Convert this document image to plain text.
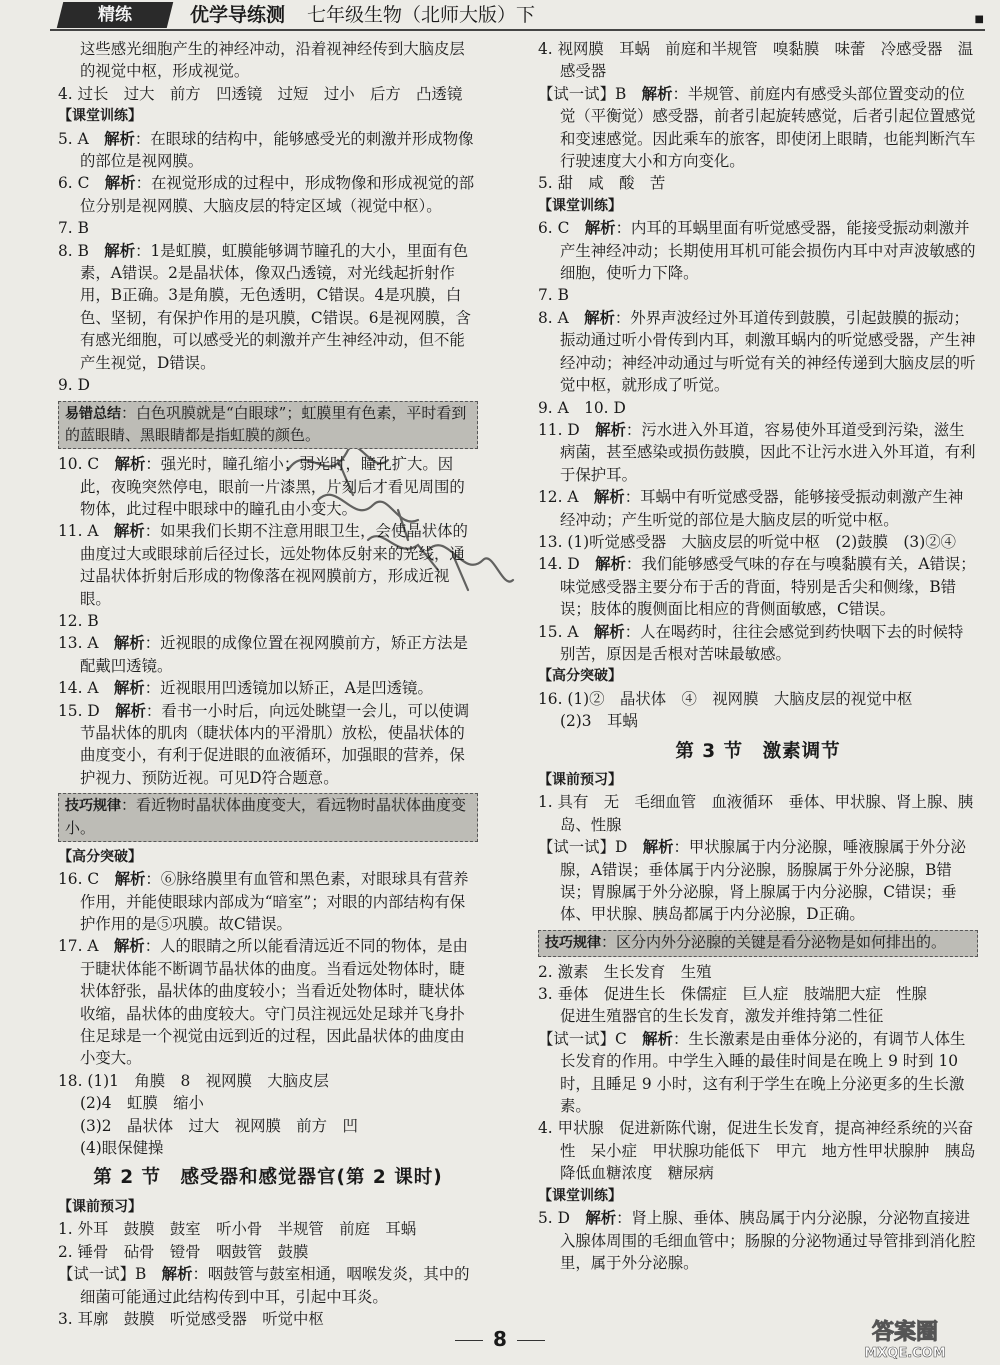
精练	优学导练测 七年级生物（北师大版）下	■
这些感光细胞产生的神经冲动，沿着视神经传到大脑皮层的视觉中枢，形成视觉。
4. 过长　过大　前方　凹透镜　过短　过小　后方　凸透镜
【课堂训练】
5. A　 解析：在眼球的结构中，能够感受光的刺激并形成物像的部位是视网膜。
6. C　 解析：在视觉形成的过程中，形成物像和形成视觉的部位分别是视网膜、大脑皮层的特定区域（视觉中枢）。
7. B
8. B　 解析：1是虹膜，虹膜能够调节瞳孔的大小，里面有色素，A错误。2是晶状体，像双凸透镜，对光线起折射作用，B正确。3是角膜，无色透明，C错误。4是巩膜，白色、坚韧，有保护作用的是巩膜，C错误。6是视网膜，含有感光细胞，可以感受光的刺激并产生神经冲动，但不能产生视觉，D错误。
9. D
易错总结：白色巩膜就是“白眼球”；虹膜里有色素，平时看到的蓝眼睛、黑眼睛都是指虹膜的颜色。
10. C　 解析：强光时，瞳孔缩小；弱光时，瞳孔扩大。因此，夜晚突然停电，眼前一片漆黑，片刻后才看见周围的物体，此过程中眼球中的瞳孔由小变大。
11. A　 解析：如果我们长期不注意用眼卫生，会使晶状体的曲度过大或眼球前后径过长，远处物体反射来的光线，通过晶状体折射后形成的物像落在视网膜前方，形成近视眼。
12. B
13. A　 解析：近视眼的成像位置在视网膜前方，矫正方法是配戴凹透镜。
14. A　 解析：近视眼用凹透镜加以矫正，A是凹透镜。
15. D　 解析：看书一小时后，向远处眺望一会儿，可以使调节晶状体的肌肉（睫状体内的平滑肌）放松，使晶状体的曲度变小，有利于促进眼的血液循环，加强眼的营养，保护视力、预防近视。可见D符合题意。
技巧规律：看近物时晶状体曲度变大，看远物时晶状体曲度变小。
【高分突破】
16. C　 解析：⑥脉络膜里有血管和黑色素，对眼球具有营养作用，并能使眼球内部成为“暗室”；对眼的内部结构有保护作用的是⑤巩膜。故C错误。
17. A　 解析：人的眼睛之所以能看清远近不同的物体，是由于睫状体能不断调节晶状体的曲度。当看远处物体时，睫状体舒张，晶状体的曲度较小；当看近处物体时，睫状体收缩，晶状体的曲度较大。守门员注视远处足球并飞身扑住足球是一个视觉由远到近的过程，因此晶状体的曲度由小变大。
18. (1)1　角膜　8　视网膜　大脑皮层
(2)4　虹膜　缩小
(3)2　晶状体　过大　视网膜　前方　凹
(4)眼保健操
第 2 节　感受器和感觉器官(第 2 课时)
【课前预习】
1. 外耳　鼓膜　鼓室　听小骨　半规管　前庭　耳蜗
2. 锤骨　砧骨　镫骨　咽鼓管　鼓膜
【试一试】B　 解析：咽鼓管与鼓室相通，咽喉发炎，其中的细菌可能通过此结构传到中耳，引起中耳炎。
3. 耳廓　鼓膜　听觉感受器　听觉中枢
4. 视网膜　耳蜗　前庭和半规管　嗅黏膜　味蕾　冷感受器　温感受器
【试一试】B　 解析：半规管、前庭内有感受头部位置变动的位觉（平衡觉）感受器，前者引起旋转感觉，后者引起位置感觉和变速感觉。因此乘车的旅客，即使闭上眼睛，也能判断汽车行驶速度大小和方向变化。
5. 甜　咸　酸　苦
【课堂训练】
6. C　 解析：内耳的耳蜗里面有听觉感受器，能接受振动刺激并产生神经冲动；长期使用耳机可能会损伤内耳中对声波敏感的细胞，使听力下降。
7. B
8. A　 解析：外界声波经过外耳道传到鼓膜，引起鼓膜的振动；振动通过听小骨传到内耳，刺激耳蜗内的听觉感受器，产生神经冲动；神经冲动通过与听觉有关的神经传递到大脑皮层的听觉中枢，就形成了听觉。
9. A　10. D
11. D　 解析：污水进入外耳道，容易使外耳道受到污染，滋生病菌，甚至感染或损伤鼓膜，因此不让污水进入外耳道，有利于保护耳。
12. A　 解析：耳蜗中有听觉感受器，能够接受振动刺激产生神经冲动；产生听觉的部位是大脑皮层的听觉中枢。
13. (1)听觉感受器　大脑皮层的听觉中枢　(2)鼓膜　(3)②④
14. D　 解析：我们能够感受气味的存在与嗅黏膜有关，A错误；味觉感受器主要分布于舌的背面，特别是舌尖和侧缘，B错误；肢体的腹侧面比相应的背侧面敏感，C错误。
15. A　 解析：人在喝药时，往往会感觉到药快咽下去的时候特别苦，原因是舌根对苦味最敏感。
【高分突破】
16. (1)②　晶状体　④　视网膜　大脑皮层的视觉中枢
(2)3　耳蜗
第 3 节　激素调节
【课前预习】
1. 具有　无　毛细血管　血液循环　垂体、甲状腺、肾上腺、胰岛、性腺
【试一试】D　 解析：甲状腺属于内分泌腺，唾液腺属于外分泌腺，A错误；垂体属于内分泌腺，肠腺属于外分泌腺，B错误；胃腺属于外分泌腺，肾上腺属于内分泌腺，C错误；垂体、甲状腺、胰岛都属于内分泌腺，D正确。
技巧规律：区分内外分泌腺的关键是看分泌物是如何排出的。
2. 激素　生长发育　生殖
3. 垂体　促进生长　侏儒症　巨人症　肢端肥大症　性腺
促进生殖器官的生长发育，激发并维持第二性征
【试一试】C　 解析：生长激素是由垂体分泌的，有调节人体生长发育的作用。中学生入睡的最佳时间是在晚上 9 时到 10 时，且睡足 9 小时，这有利于学生在晚上分泌更多的生长激素。
4. 甲状腺　促进新陈代谢，促进生长发育，提高神经系统的兴奋性　呆小症　甲状腺功能低下　甲亢　地方性甲状腺肿　胰岛　降低血糖浓度　糖尿病
【课堂训练】
5. D　 解析：肾上腺、垂体、胰岛属于内分泌腺，分泌物直接进入腺体周围的毛细血管中；肠腺的分泌物通过导管排到消化腔里，属于外分泌腺。
8	答案圈
MXQE.COM
